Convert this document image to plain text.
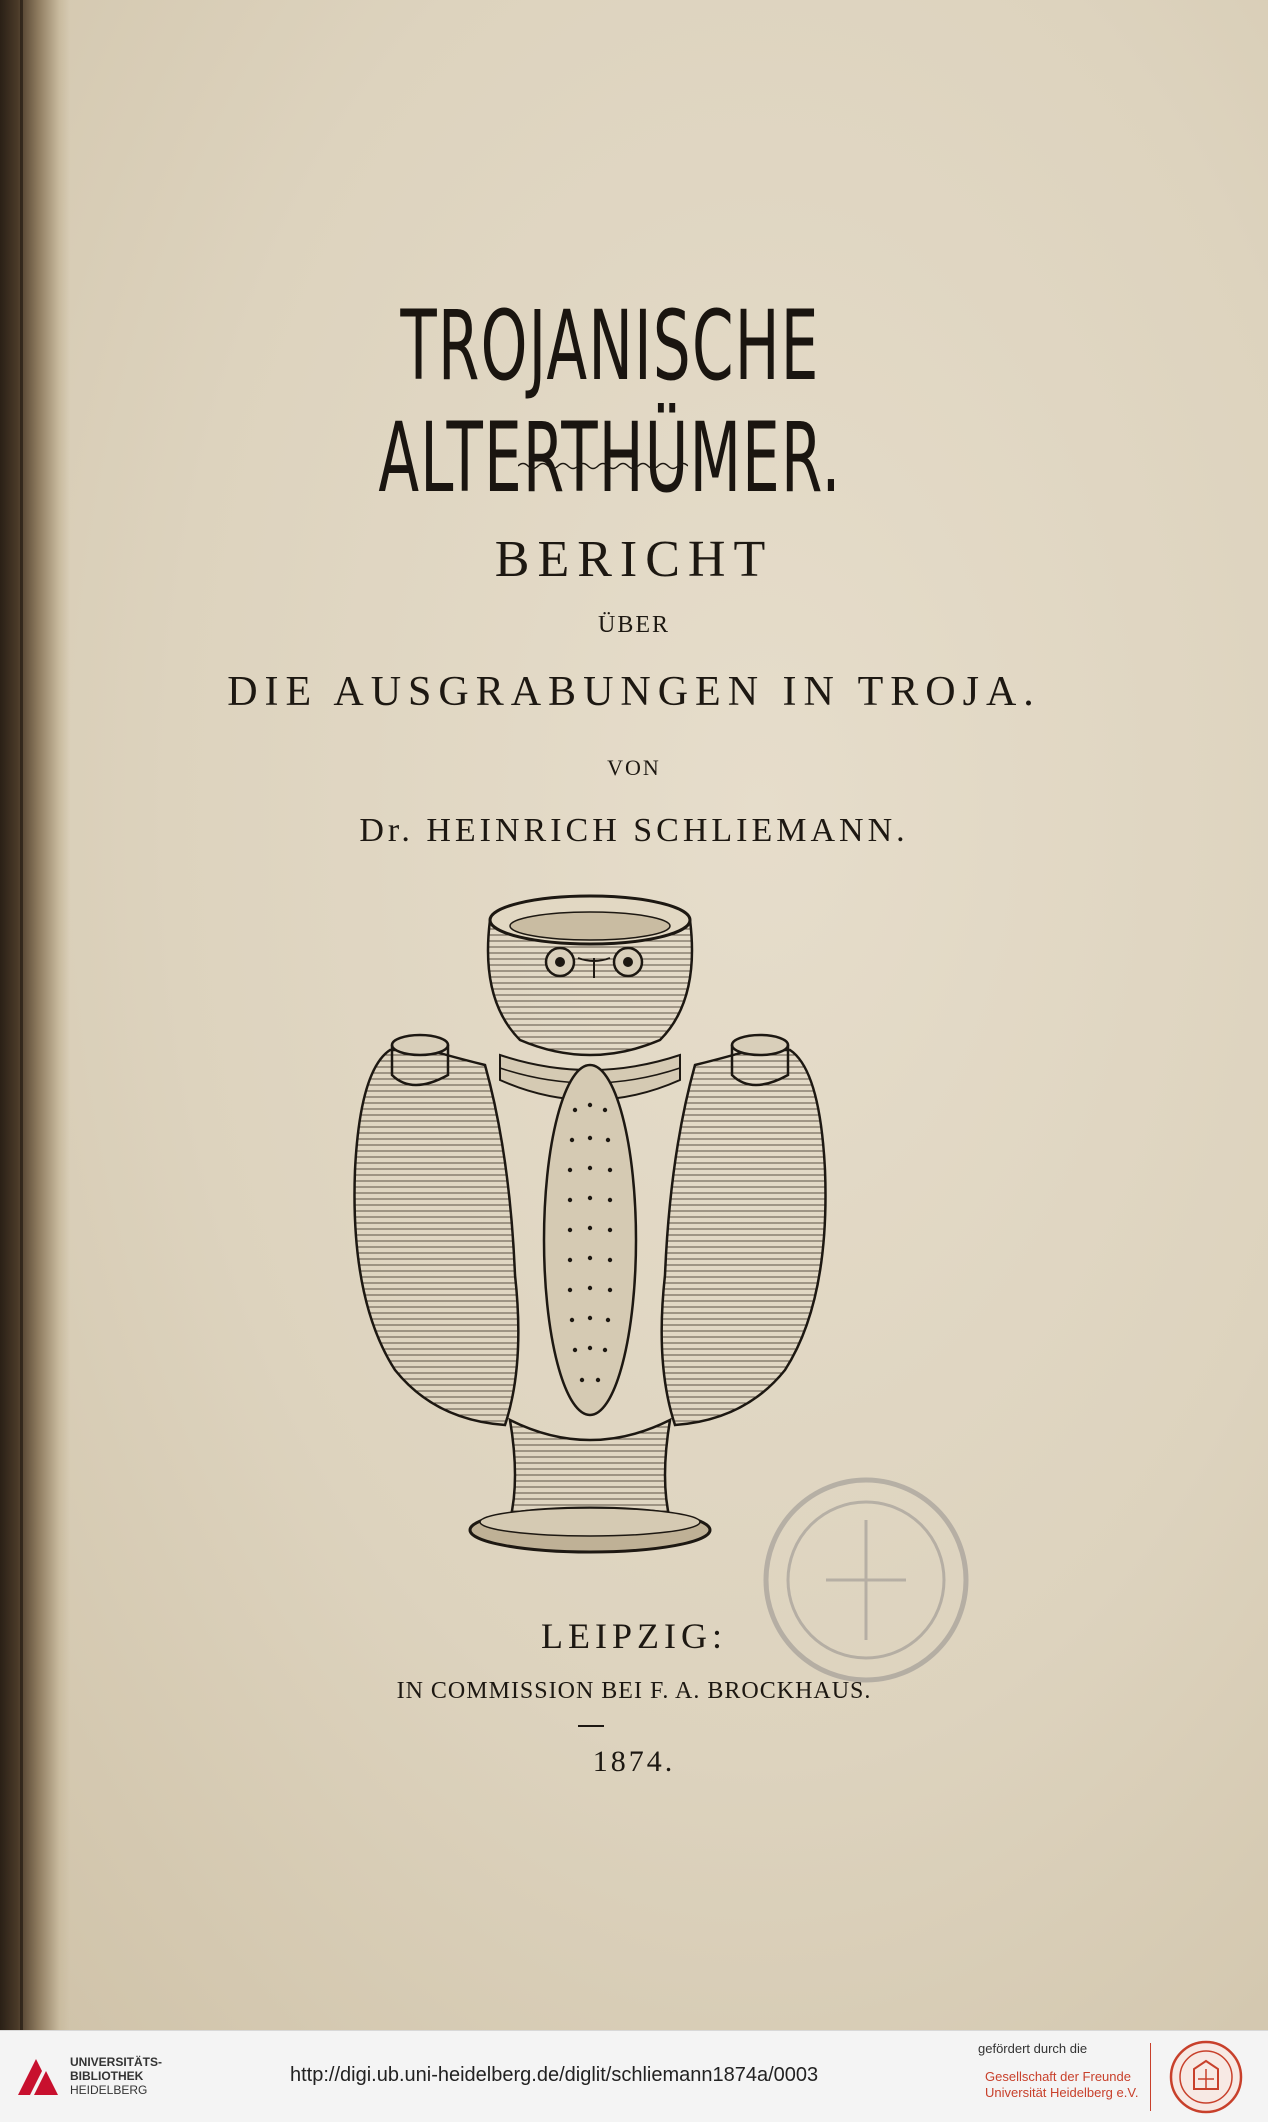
TROJANISCHE ALTERTHÜMER.
BERICHT
ÜBER
DIE AUSGRABUNGEN IN TROJA.
VON
Dr. HEINRICH SCHLIEMANN.
LEIPZIG:
IN COMMISSION BEI F. A. BROCKHAUS.
1874.
UNIVERSITÄTS-
BIBLIOTHEK
HEIDELBERG
http://digi.ub.uni-heidelberg.de/diglit/schliemann1874a/0003
gefördert durch die
Gesellschaft der Freunde
Universität Heidelberg e.V.
